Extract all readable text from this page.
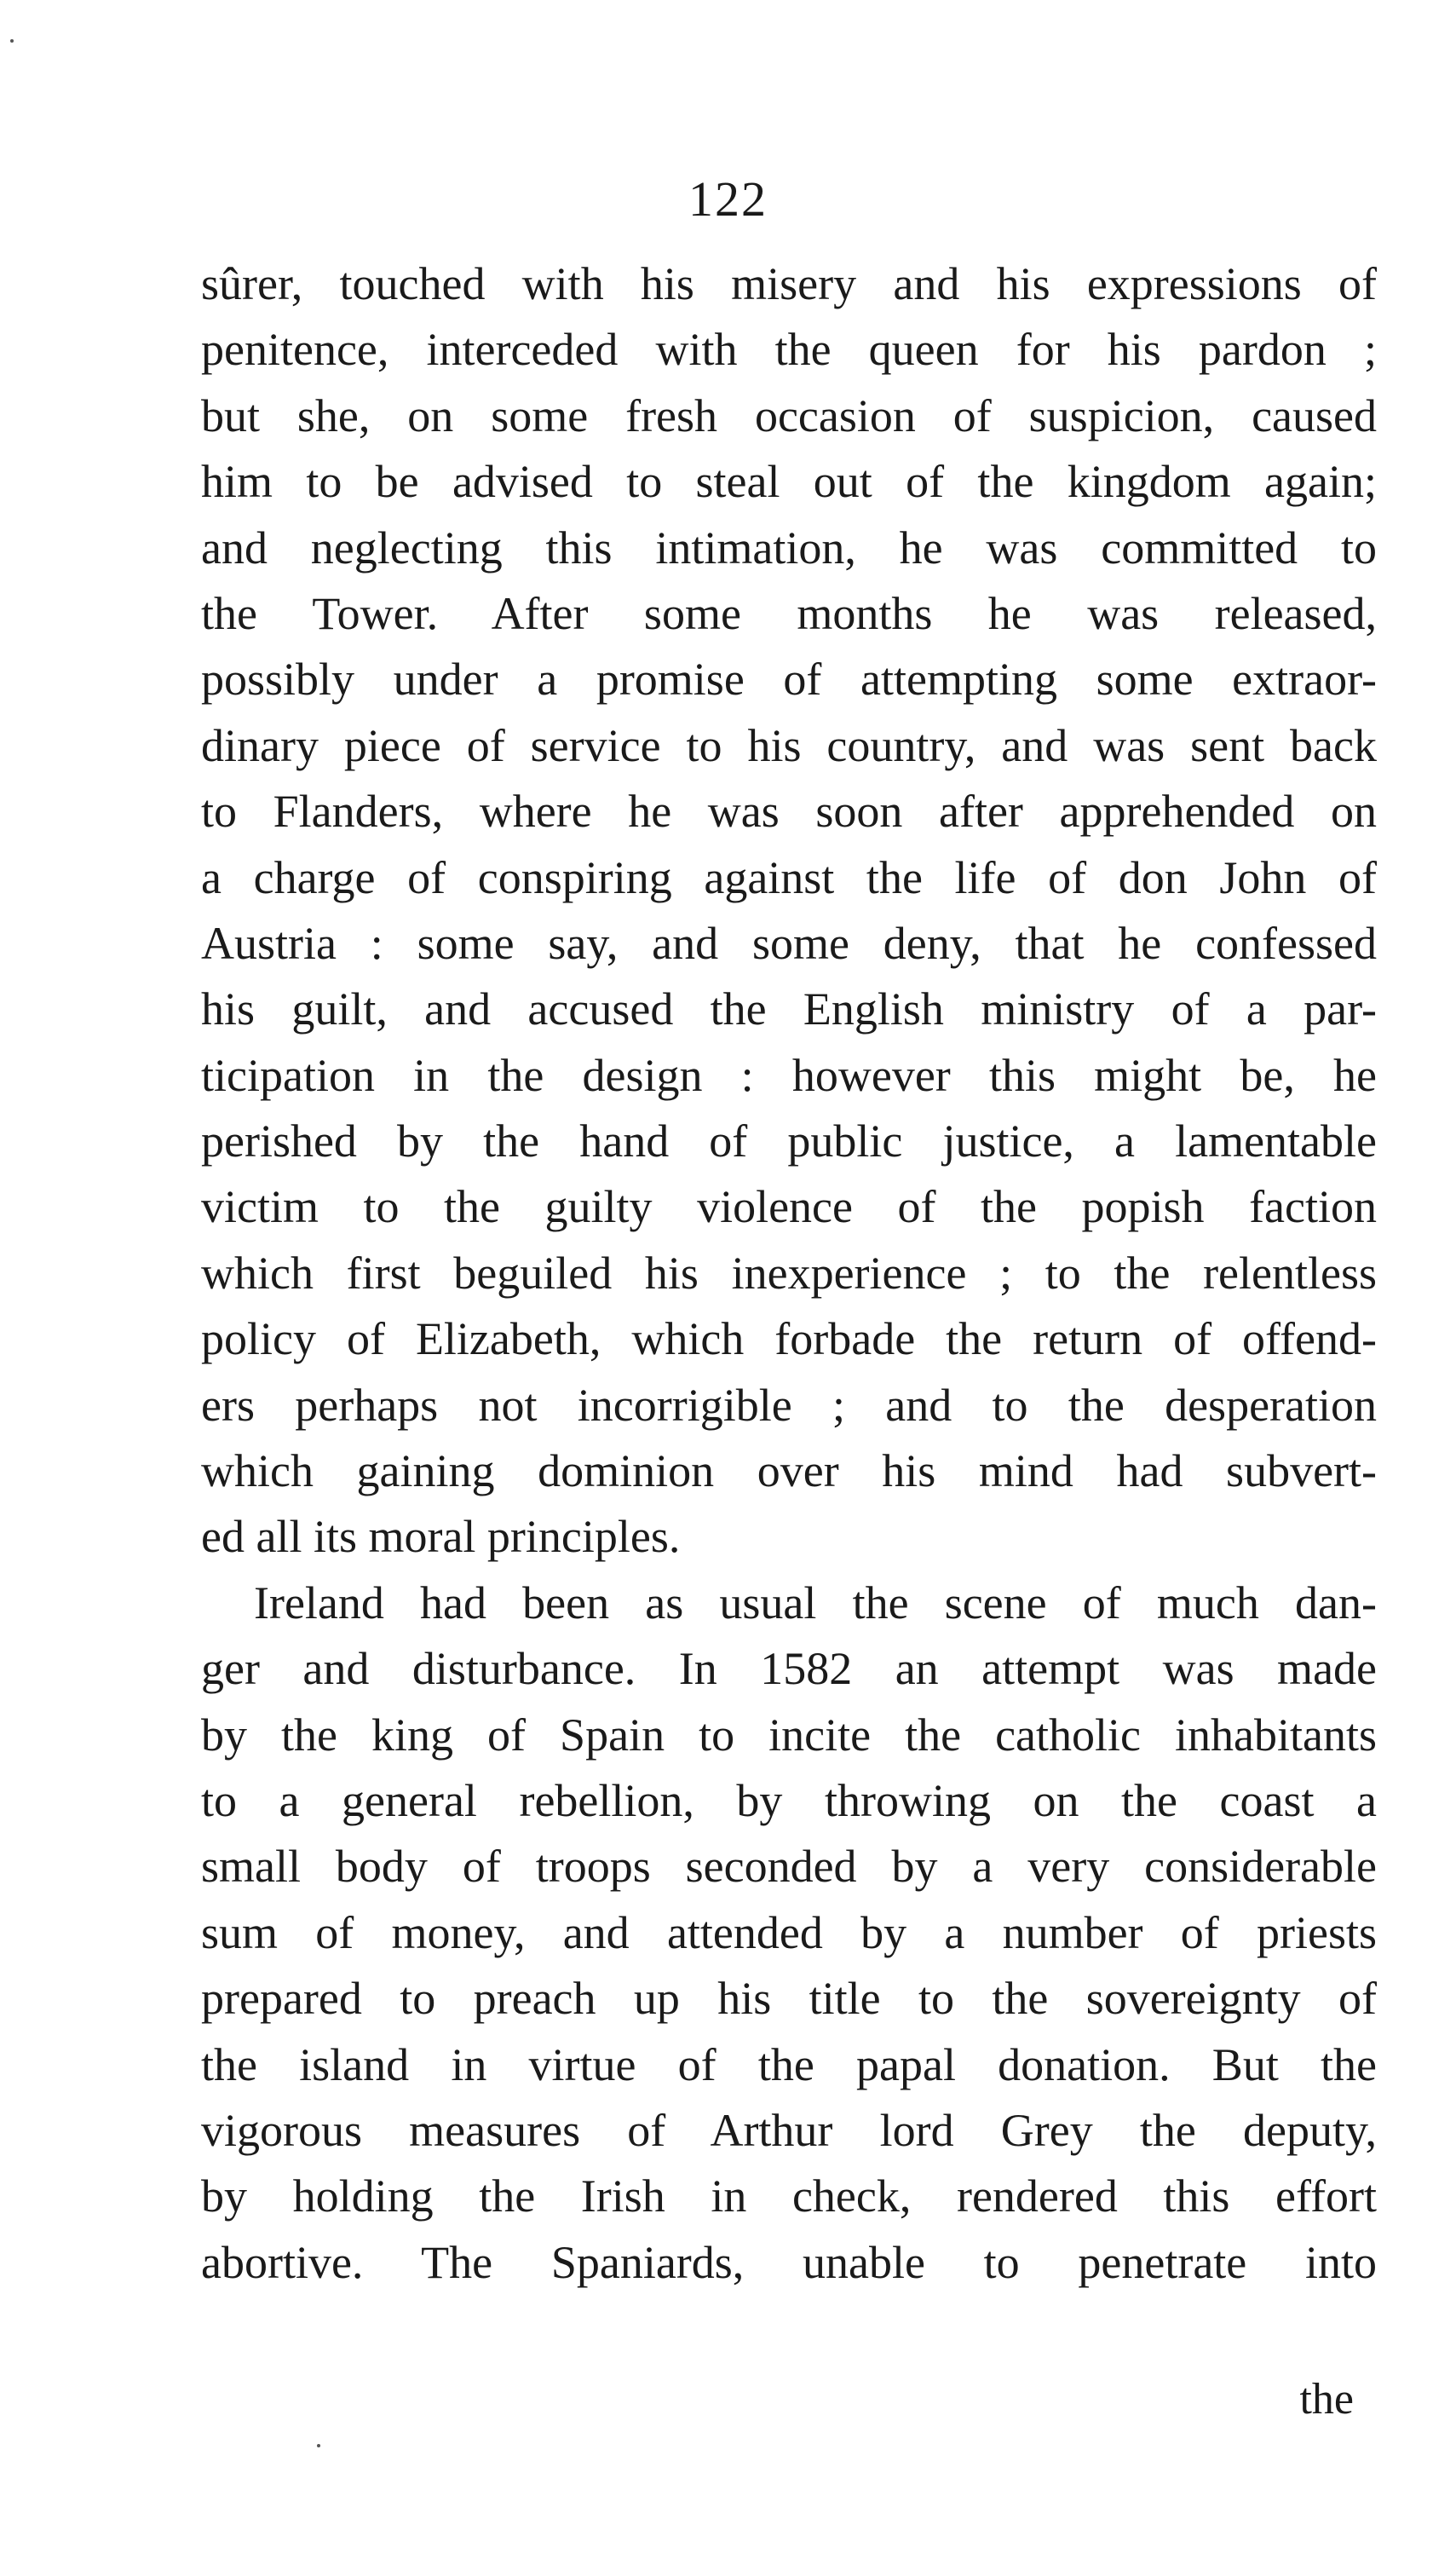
122
sûrer, touched with his misery and his expressions of
penitence, interceded with the queen for his pardon ;
but she, on some fresh occasion of suspicion, caused
him to be advised to steal out of the kingdom again;
and neglecting this intimation, he was committed to
the Tower. After some months he was released,
possibly under a promise of attempting some extraor-
dinary piece of service to his country, and was sent back
to Flanders, where he was soon after apprehended on
a charge of conspiring against the life of don John of
Austria : some say, and some deny, that he confessed
his guilt, and accused the English ministry of a par-
ticipation in the design : however this might be, he
perished by the hand of public justice, a lamentable
victim to the guilty violence of the popish faction
which first beguiled his inexperience ; to the relentless
policy of Elizabeth, which forbade the return of offend-
ers perhaps not incorrigible ; and to the desperation
which gaining dominion over his mind had subvert-
ed all its moral principles.
Ireland had been as usual the scene of much dan-
ger and disturbance. In 1582 an attempt was made
by the king of Spain to incite the catholic inhabitants
to a general rebellion, by throwing on the coast a
small body of troops seconded by a very considerable
sum of money, and attended by a number of priests
prepared to preach up his title to the sovereignty of
the island in virtue of the papal donation. But the
vigorous measures of Arthur lord Grey the deputy,
by holding the Irish in check, rendered this effort
abortive. The Spaniards, unable to penetrate into
the
